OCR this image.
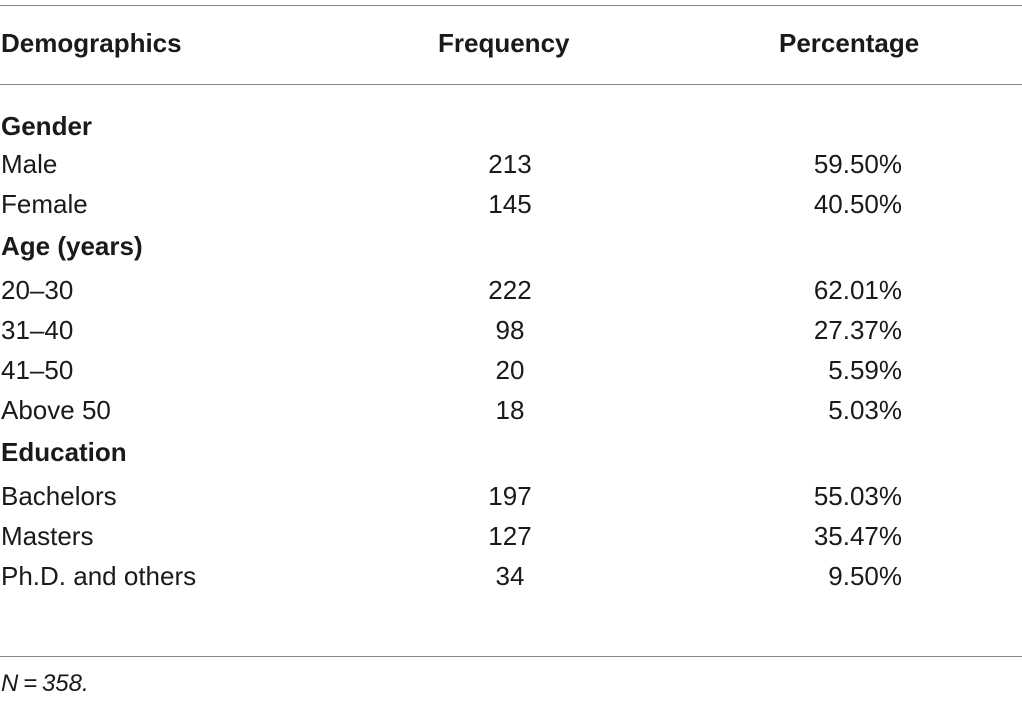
Demographics	Frequency	Percentage
Gender
Male	213	59.50%
Female	145	40.50%
Age (years)
20–30	222	62.01%
31–40	98	27.37%
41–50	20	5.59%
Above 50	18	5.03%
Education
Bachelors	197	55.03%
Masters	127	35.47%
Ph.D. and others	34	9.50%
N = 358.
